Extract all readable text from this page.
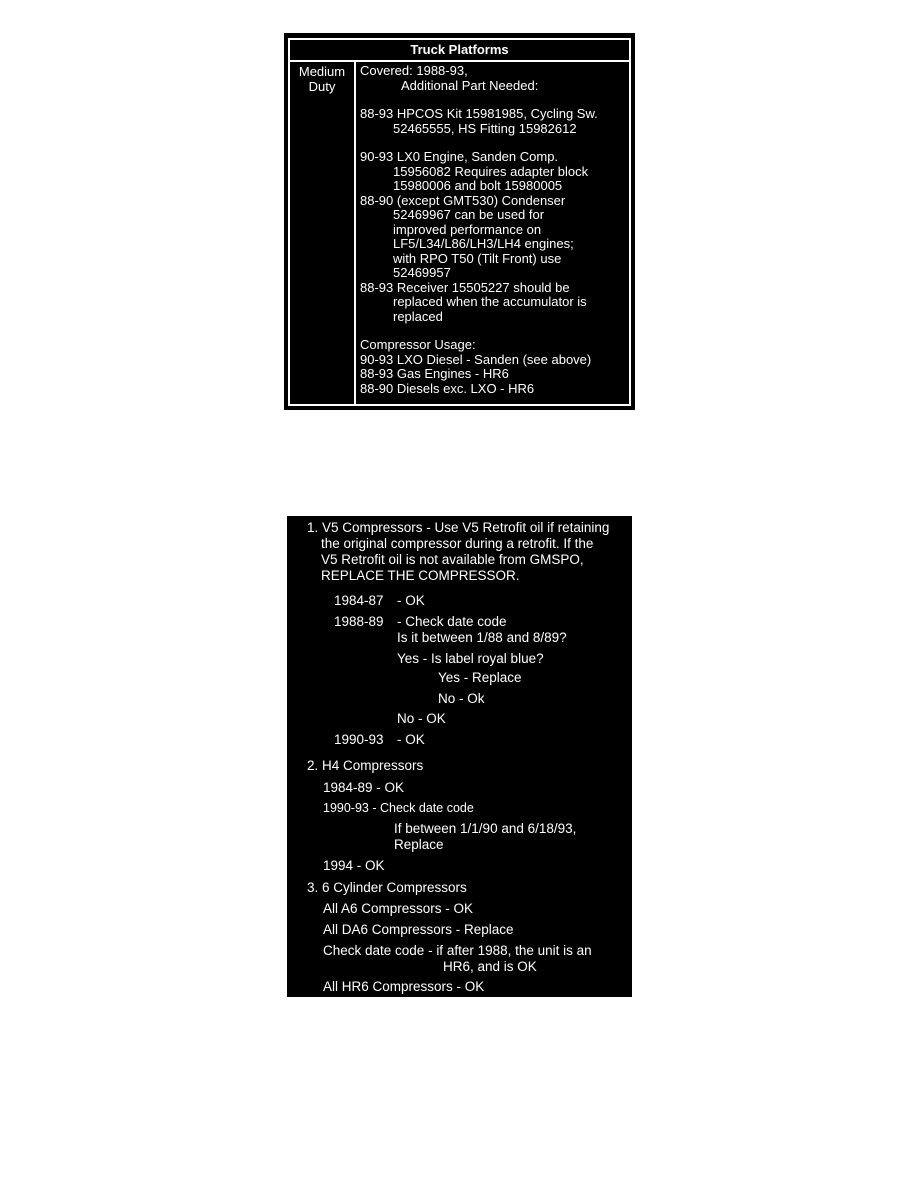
Truck Platforms
Medium
Duty
Covered: 1988-93,
Additional Part Needed:
88-93 HPCOS Kit 15981985, Cycling Sw.
52465555, HS Fitting 15982612
90-93 LX0 Engine, Sanden Comp.
15956082 Requires adapter block
15980006 and bolt 15980005
88-90 (except GMT530) Condenser
52469967 can be used for
improved performance on
LF5/L34/L86/LH3/LH4 engines;
with RPO T50 (Tilt Front) use
52469957
88-93 Receiver 15505227 should be
replaced when the accumulator is
replaced
Compressor Usage:
90-93 LXO Diesel - Sanden (see above)
88-93 Gas Engines - HR6
88-90 Diesels exc. LXO - HR6
1. V5 Compressors - Use V5 Retrofit oil if retaining
the original compressor during a retrofit. If the
V5 Retrofit oil is not available from GMSPO,
REPLACE THE COMPRESSOR.
1984-87 - OK
1988-89 - Check date code
Is it between 1/88 and 8/89?
Yes - Is label royal blue?
Yes - Replace
No - Ok
No - OK
1990-93 - OK
2. H4 Compressors
1984-89 - OK
1990-93 - Check date code
If between 1/1/90 and 6/18/93,
Replace
1994 - OK
3. 6 Cylinder Compressors
All A6 Compressors - OK
All DA6 Compressors - Replace
Check date code - if after 1988, the unit is an
HR6, and is OK
All HR6 Compressors - OK
